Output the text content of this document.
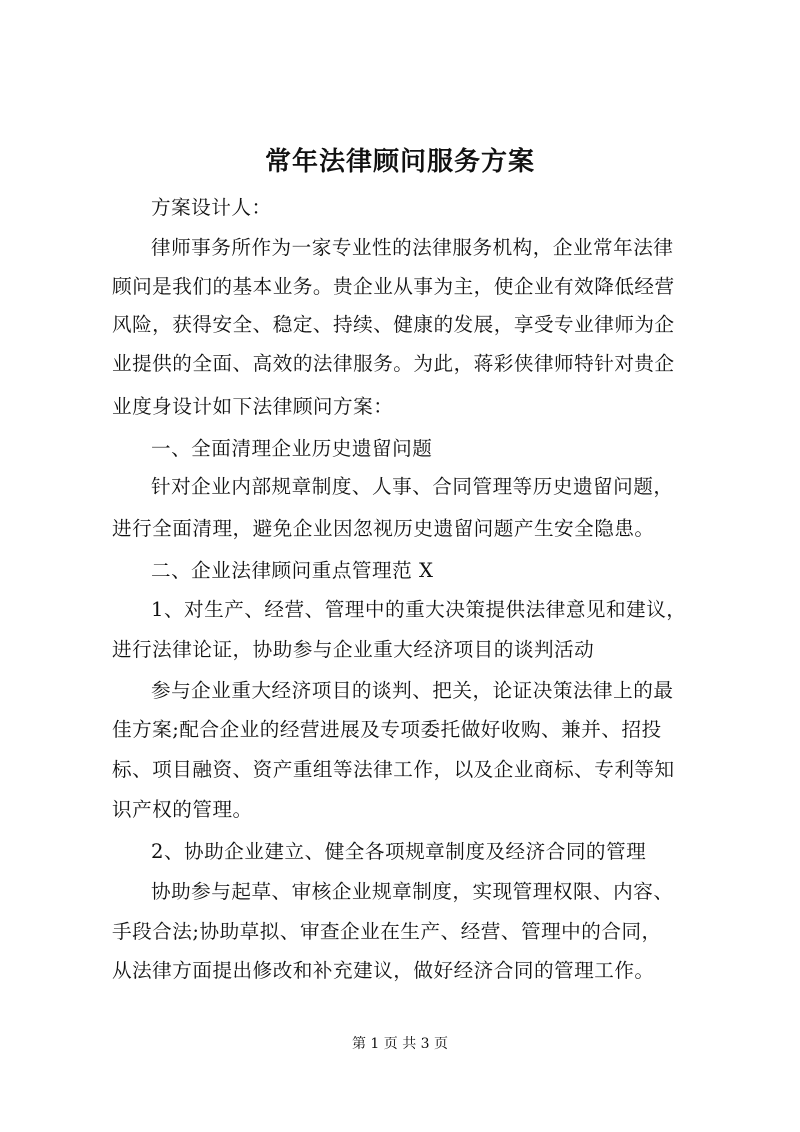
常年法律顾问服务方案
方案设计人：
律师事务所作为一家专业性的法律服务机构，企业常年法律
顾问是我们的基本业务。贵企业从事为主，使企业有效降低经营
风险，获得安全、稳定、持续、健康的发展，享受专业律师为企
业提供的全面、高效的法律服务。为此，蒋彩侠律师特针对贵企
业度身设计如下法律顾问方案：
一、全面清理企业历史遗留问题
针对企业内部规章制度、人事、合同管理等历史遗留问题，
进行全面清理，避免企业因忽视历史遗留问题产生安全隐患。
二、企业法律顾问重点管理范 X
1、对生产、经营、管理中的重大决策提供法律意见和建议，
进行法律论证，协助参与企业重大经济项目的谈判活动
参与企业重大经济项目的谈判、把关，论证决策法律上的最
佳方案;配合企业的经营进展及专项委托做好收购、兼并、招投
标、项目融资、资产重组等法律工作，以及企业商标、专利等知
识产权的管理。
2、协助企业建立、健全各项规章制度及经济合同的管理
协助参与起草、审核企业规章制度，实现管理权限、内容、
手段合法;协助草拟、审查企业在生产、经营、管理中的合同，
从法律方面提出修改和补充建议，做好经济合同的管理工作。
第 1 页 共 3 页
